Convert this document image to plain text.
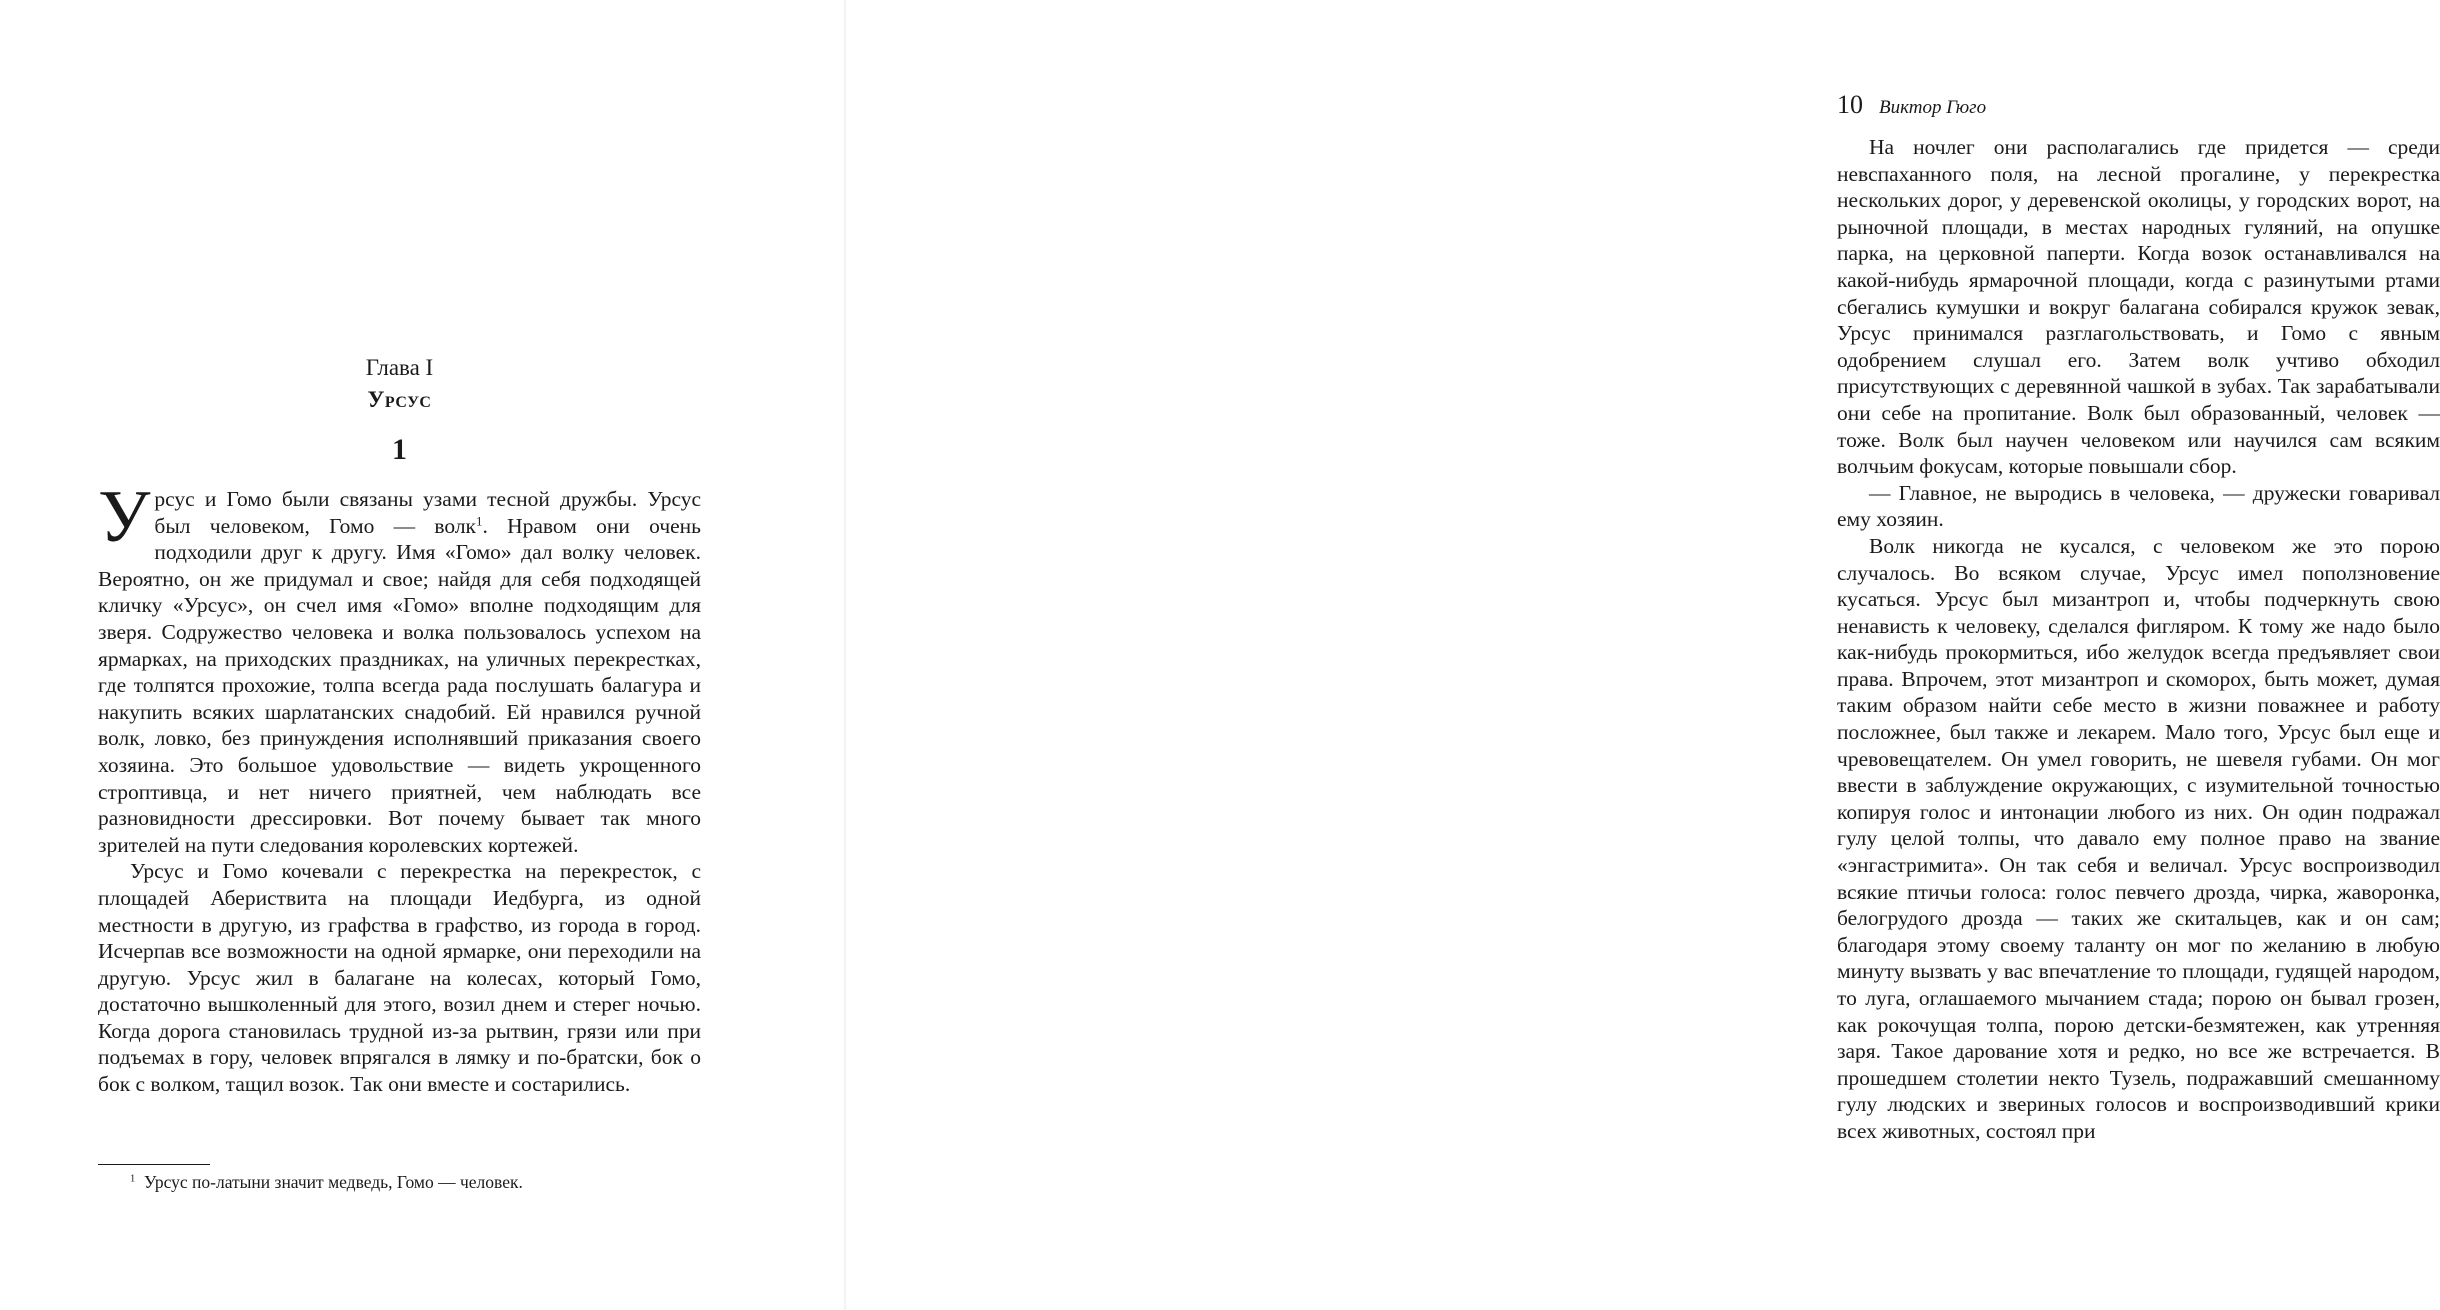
Глава I
Урсус
1

Урсус и Гомо были связаны узами тесной дружбы. Урсус был человеком, Гомо — волк$^1$. Нравом они очень подходили друг к другу. Имя «Гомо» дал волку человек. Вероятно, он же придумал и свое; найдя для себя подходящей кличку «Урсус», он счел имя «Гомо» вполне подходящим для зверя. Содружество человека и волка пользовалось успехом на ярмарках, на приходских праздниках, на уличных перекрестках, где толпятся прохожие, толпа всегда рада послушать балагура и накупить всяких шарлатанских снадобий. Ей нравился ручной волк, ловко, без принуждения исполнявший приказания своего хозяина. Это большое удовольствие — видеть укрощенного строптивца, и нет ничего приятней, чем наблюдать все разновидности дрессировки. Вот почему бывает так много зрителей на пути следования королевских кортежей.

Урсус и Гомо кочевали с перекрестка на перекресток, с площадей Абериствита на площади Иедбурга, из одной местности в другую, из графства в графство, из города в город. Исчерпав все возможности на одной ярмарке, они переходили на другую. Урсус жил в балагане на колесах, который Гомо, достаточно вышколенный для этого, возил днем и стерег ночью. Когда дорога становилась трудной из-за рытвин, грязи или при подъемах в гору, человек впрягался в лямку и по-братски, бок о бок с волком, тащил возок. Так они вместе и состарились.

$^1$ Урсус по-латыни значит медведь, Гомо — человек.
10 Виктор Гюго

На ночлег они располагались где придется — среди невспаханного поля, на лесной прогалине, у перекрестка нескольких дорог, у деревенской околицы, у городских ворот, на рыночной площади, в местах народных гуляний, на опушке парка, на церковной паперти. Когда возок останавливался на какой-нибудь ярмарочной площади, когда с разинутыми ртами сбегались кумушки и вокруг балагана собирался кружок зевак, Урсус принимался разглагольствовать, и Гомо с явным одобрением слушал его. Затем волк учтиво обходил присутствующих с деревянной чашкой в зубах. Так зарабатывали они себе на пропитание. Волк был образованный, человек — тоже. Волк был научен человеком или научился сам всяким волчьим фокусам, которые повышали сбор.

— Главное, не выродись в человека, — дружески говаривал ему хозяин.

Волк никогда не кусался, с человеком же это порою случалось. Во всяком случае, Урсус имел поползновение кусаться. Урсус был мизантроп и, чтобы подчеркнуть свою ненависть к человеку, сделался фигляром. К тому же надо было как-нибудь прокормиться, ибо желудок всегда предъявляет свои права. Впрочем, этот мизантроп и скоморох, быть может, думая таким образом найти себе место в жизни поважнее и работу посложнее, был также и лекарем. Мало того, Урсус был еще и чревовещателем. Он умел говорить, не шевеля губами. Он мог ввести в заблуждение окружающих, с изумительной точностью копируя голос и интонации любого из них. Он один подражал гулу целой толпы, что давало ему полное право на звание «энгастримита». Он так себя и величал. Урсус воспроизводил всякие птичьи голоса: голос певчего дрозда, чирка, жаворонка, белогрудого дрозда — таких же скитальцев, как и он сам; благодаря этому своему таланту он мог по желанию в любую минуту вызвать у вас впечатление то площади, гудящей народом, то луга, оглашаемого мычанием стада; порою он бывал грозен, как рокочущая толпа, порою детски-безмятежен, как утренняя заря. Такое дарование хотя и редко, но все же встречается. В прошедшем столетии некто Тузель, подражавший смешанному гулу людских и звериных голосов и воспроизводивший крики всех животных, состоял при
